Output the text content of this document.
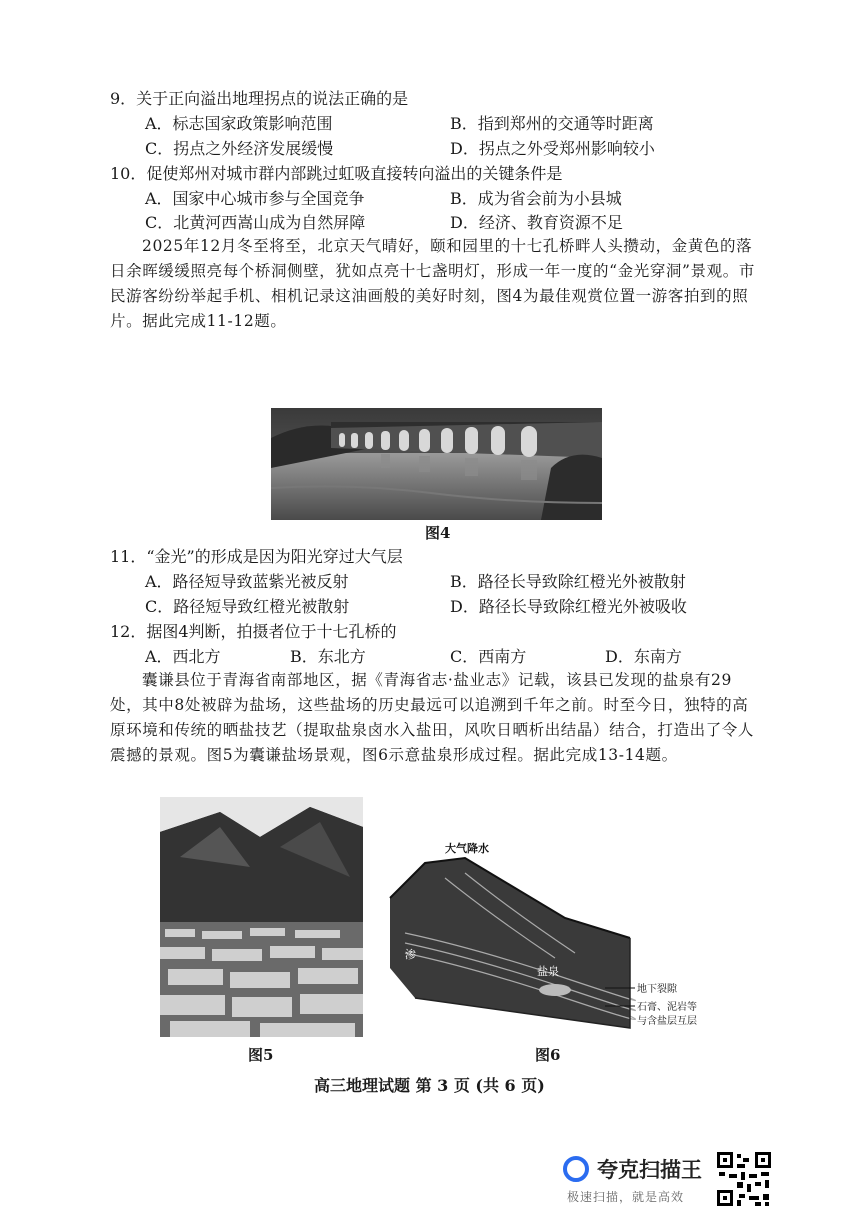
9．关于正向溢出地理拐点的说法正确的是
A．标志国家政策影响范围	B．指到郑州的交通等时距离
C．拐点之外经济发展缓慢	D．拐点之外受郑州影响较小
10．促使郑州对城市群内部跳过虹吸直接转向溢出的关键条件是
A．国家中心城市参与全国竞争	B．成为省会前为小县城
C．北黄河西嵩山成为自然屏障	D．经济、教育资源不足
2025年12月冬至将至，北京天气晴好，颐和园里的十七孔桥畔人头攒动，金黄色的落日余晖缓缓照亮每个桥洞侧壁，犹如点亮十七盏明灯，形成一年一度的“金光穿洞”景观。市民游客纷纷举起手机、相机记录这油画般的美好时刻，图4为最佳观赏位置一游客拍到的照片。据此完成11-12题。
图4
11．“金光”的形成是因为阳光穿过大气层
A．路径短导致蓝紫光被反射	B．路径长导致除红橙光外被散射
C．路径短导致红橙光被散射	D．路径长导致除红橙光外被吸收
12．据图4判断，拍摄者位于十七孔桥的
A．西北方	B．东北方	C．西南方	D．东南方
囊谦县位于青海省南部地区，据《青海省志·盐业志》记载，该县已发现的盐泉有29处，其中8处被辟为盐场，这些盐场的历史最远可以追溯到千年之前。时至今日，独特的高原环境和传统的晒盐技艺（提取盐泉卤水入盐田，风吹日晒析出结晶）结合，打造出了令人震撼的景观。图5为囊谦盐场景观，图6示意盐泉形成过程。据此完成13-14题。
图5
大气降水
渗
盐泉
地下裂隙
石膏、泥岩等
与含盐层互层
图6
高三地理试题 第 3 页 (共 6 页)
夸克扫描王
极速扫描，就是高效
